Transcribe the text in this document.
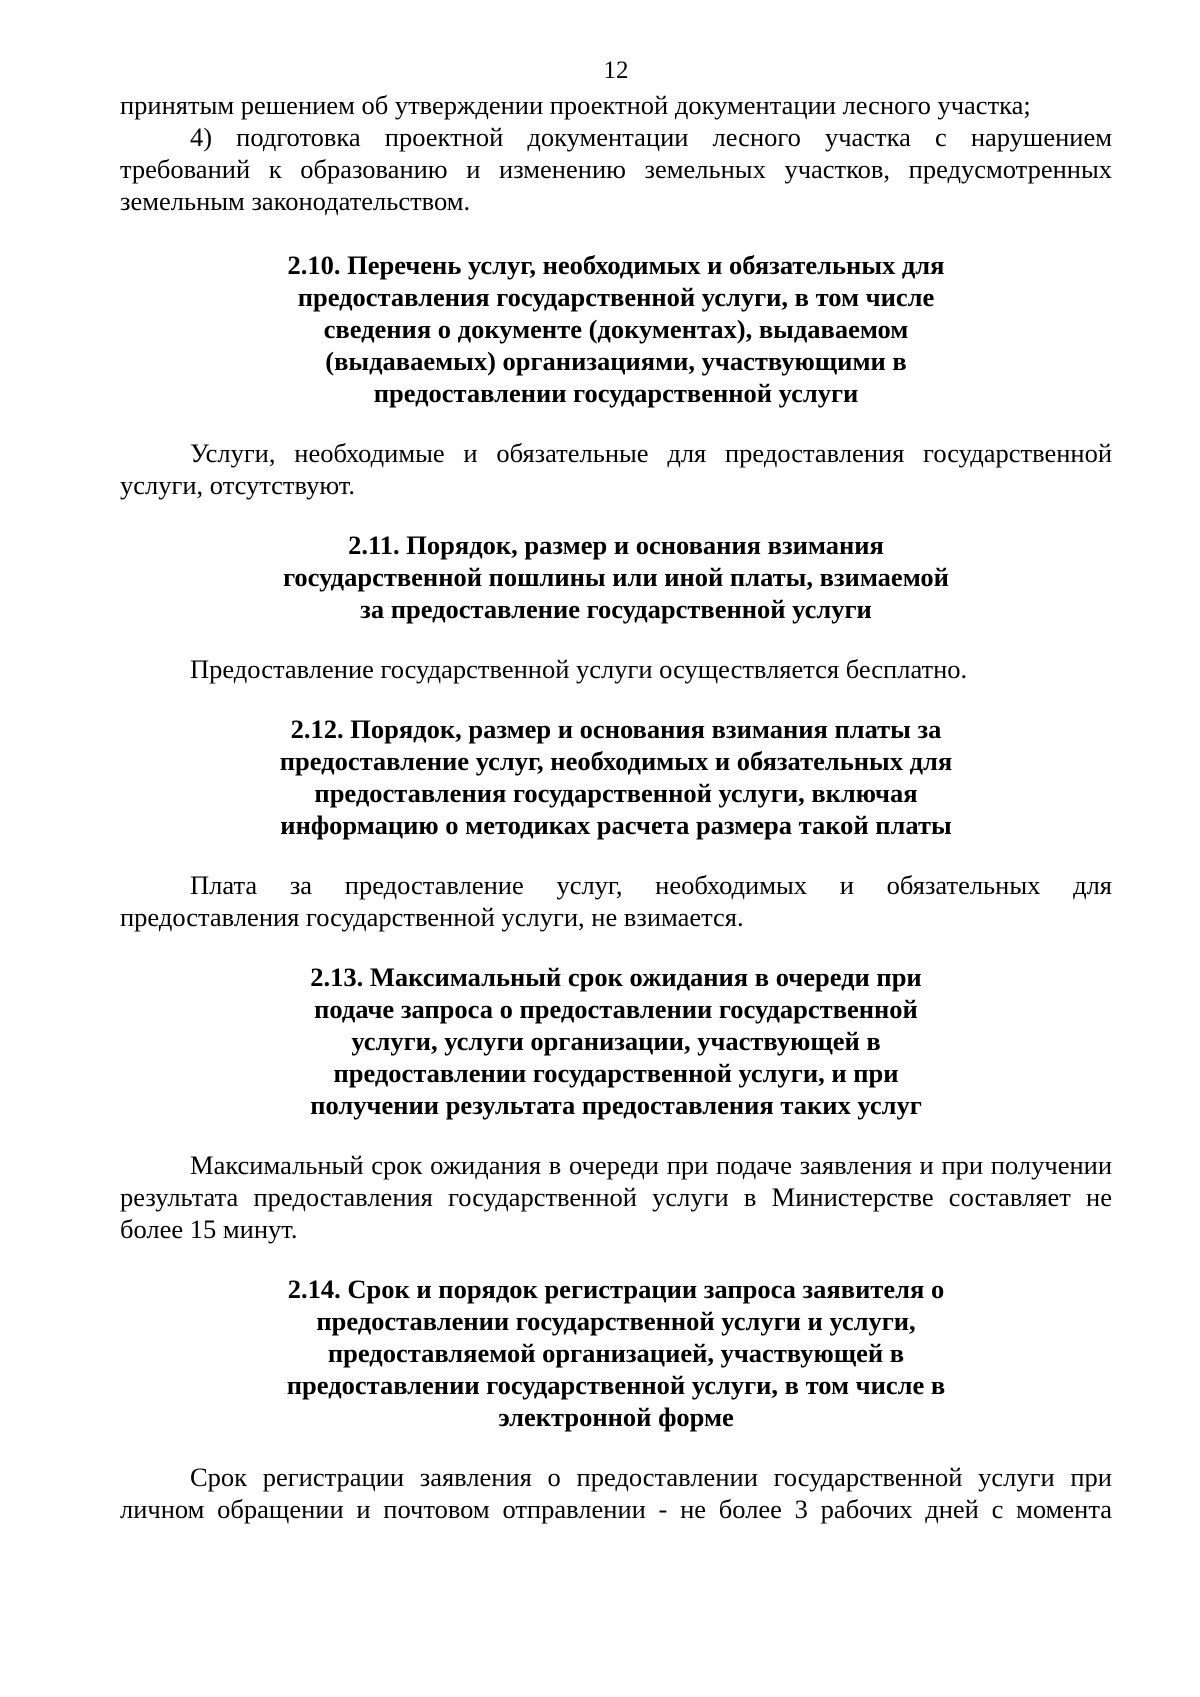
12

принятым решением об утверждении проектной документации лесного участка;

4) подготовка проектной документации лесного участка с нарушением требований к образованию и изменению земельных участков, предусмотренных земельным законодательством.

2.10. Перечень услуг, необходимых и обязательных для
предоставления государственной услуги, в том числе
сведения о документе (документах), выдаваемом
(выдаваемых) организациями, участвующими в
предоставлении государственной услуги

Услуги, необходимые и обязательные для предоставления государственной услуги, отсутствуют.

2.11. Порядок, размер и основания взимания
государственной пошлины или иной платы, взимаемой
за предоставление государственной услуги

Предоставление государственной услуги осуществляется бесплатно.

2.12. Порядок, размер и основания взимания платы за
предоставление услуг, необходимых и обязательных для
предоставления государственной услуги, включая
информацию о методиках расчета размера такой платы

Плата за предоставление услуг, необходимых и обязательных для предоставления государственной услуги, не взимается.

2.13. Максимальный срок ожидания в очереди при
подаче запроса о предоставлении государственной
услуги, услуги организации, участвующей в
предоставлении государственной услуги, и при
получении результата предоставления таких услуг

Максимальный срок ожидания в очереди при подаче заявления и при получении результата предоставления государственной услуги в Министерстве составляет не более 15 минут.

2.14. Срок и порядок регистрации запроса заявителя о
предоставлении государственной услуги и услуги,
предоставляемой организацией, участвующей в
предоставлении государственной услуги, в том числе в
электронной форме

Срок регистрации заявления о предоставлении государственной услуги при личном обращении и почтовом отправлении - не более 3 рабочих дней с момента
